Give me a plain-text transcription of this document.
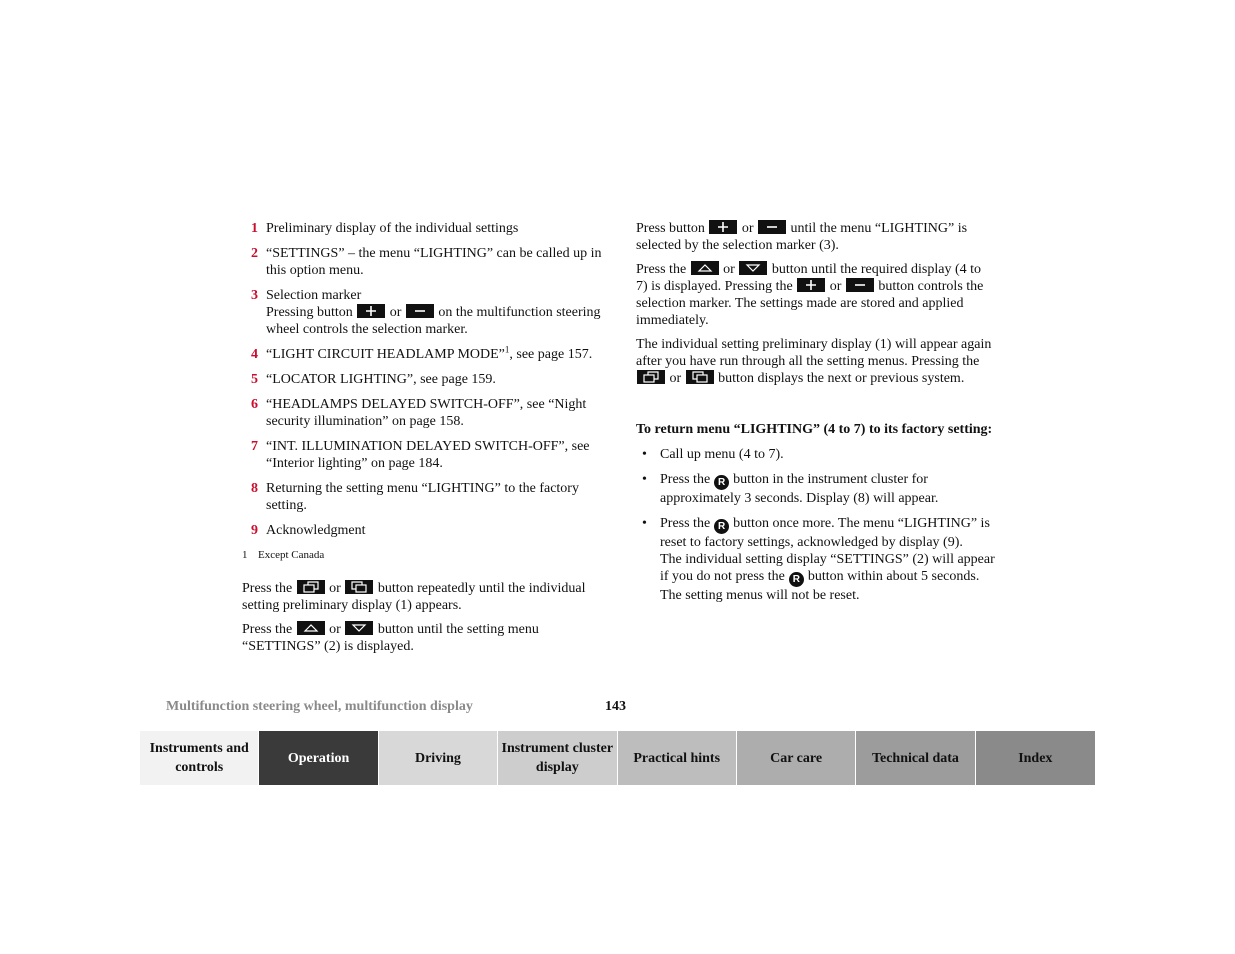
1 Preliminary display of the individual settings
2 “SETTINGS” – the menu “LIGHTING” can be called up in this option menu.
3 Selection marker
Pressing button	or	on the multifunction steering wheel controls the selection marker.
4 “LIGHT CIRCUIT HEADLAMP MODE”$^1$, see page 157.
5 “LOCATOR LIGHTING”, see page 159.
6 “HEADLAMPS DELAYED SWITCH-OFF”, see “Night security illumination” on page 158.
7 “INT. ILLUMINATION DELAYED SWITCH-OFF”, see “Interior lighting” on page 184.
8 Returning the setting menu “LIGHTING” to the factory setting.
9 Acknowledgment
1 Except Canada

Press the	or	button repeatedly until the individual setting preliminary display (1) appears.

Press the	or	button until the setting menu “SETTINGS” (2) is displayed.

Press button	or	until the menu “LIGHTING” is selected by the selection marker (3).

Press the	or	button until the required display (4 to 7) is displayed. Pressing the	or	button controls the selection marker. The settings made are stored and applied immediately.

The individual setting preliminary display (1) will appear again after you have run through all the setting menus. Pressing the
or	button displays the next or previous system.

To return menu “LIGHTING” (4 to 7) to its factory setting:
• Call up menu (4 to 7).
• Press the R button in the instrument cluster for approximately 3 seconds. Display (8) will appear.
• Press the R button once more. The menu “LIGHTING” is reset to factory settings, acknowledged by display (9).
The individual setting display “SETTINGS” (2) will appear if you do not press the R button within about 5 seconds. The setting menus will not be reset.
Multifunction steering wheel, multifunction display	143
Instruments and controls
Operation	Driving
Instrument cluster display
Practical hints	Car care	Technical data	Index
